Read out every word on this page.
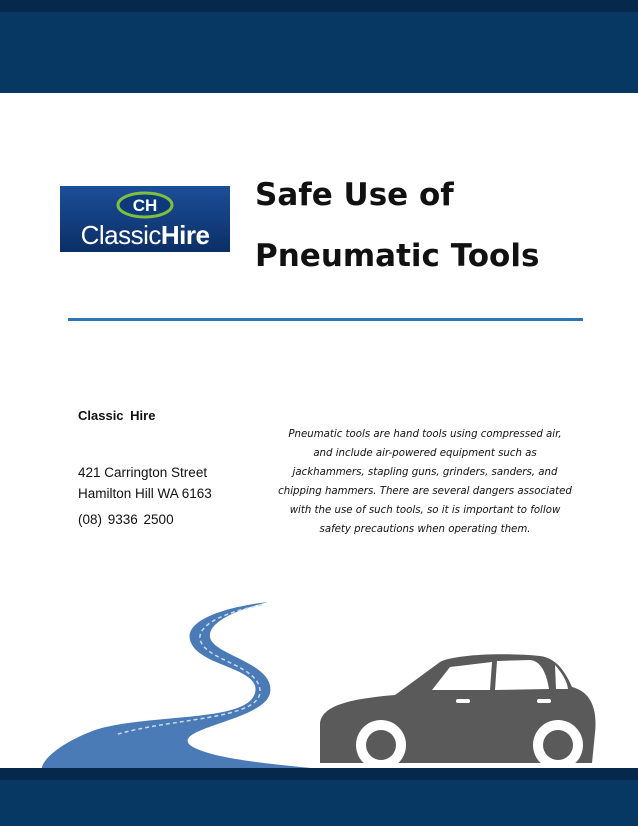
CH
ClassicHire
Safe Use of
Pneumatic Tools
Classic Hire
421 Carrington Street
Hamilton Hill WA 6163
(08) 9336 2500

Pneumatic tools are hand tools using compressed air,
and include air-powered equipment such as
jackhammers, stapling guns, grinders, sanders, and
chipping hammers. There are several dangers associated
with the use of such tools, so it is important to follow
safety precautions when operating them.
